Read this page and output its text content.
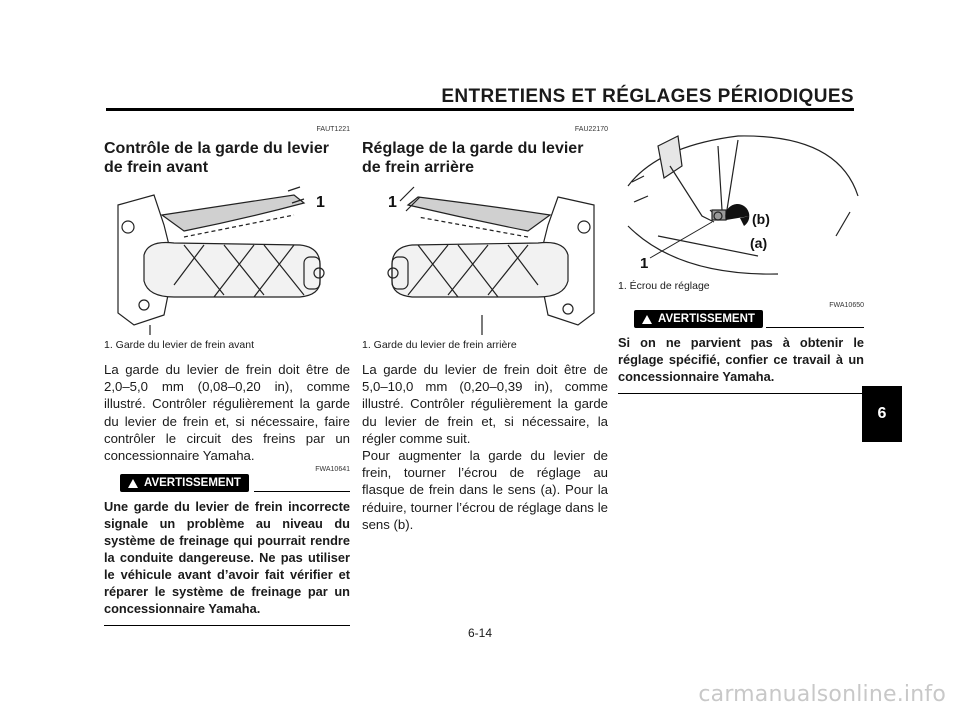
ENTRETIENS ET RÉGLAGES PÉRIODIQUES
6
FAUT1221
Contrôle de la garde du levier
de frein avant
1
1. Garde du levier de frein avant

La garde du levier de frein doit être de 2,0–5,0 mm (0,08–0,20 in), comme illustré. Contrôler régulièrement la garde du levier de frein et, si nécessaire, faire contrôler le circuit des freins par un concessionnaire Yamaha.

FWA10641
AVERTISSEMENT

Une garde du levier de frein incorrecte signale un problème au niveau du système de freinage qui pourrait rendre la conduite dangereuse. Ne pas utiliser le véhicule avant d’avoir fait vérifier et réparer le système de freinage par un concessionnaire Yamaha.

FAU22170
Réglage de la garde du levier
de frein arrière
1
1. Garde du levier de frein arrière

La garde du levier de frein doit être de 5,0–10,0 mm (0,20–0,39 in), comme illustré. Contrôler régulièrement la garde du levier de frein et, si nécessaire, la régler comme suit.
Pour augmenter la garde du levier de frein, tourner l’écrou de réglage au flasque de frein dans le sens (a). Pour la réduire, tourner l’écrou de réglage dans le sens (b).

(b)
(a)
1
1. Écrou de réglage
FWA10650
AVERTISSEMENT

Si on ne parvient pas à obtenir le réglage spécifié, confier ce travail à un concessionnaire Yamaha.

6-14
carmanualsonline.info
